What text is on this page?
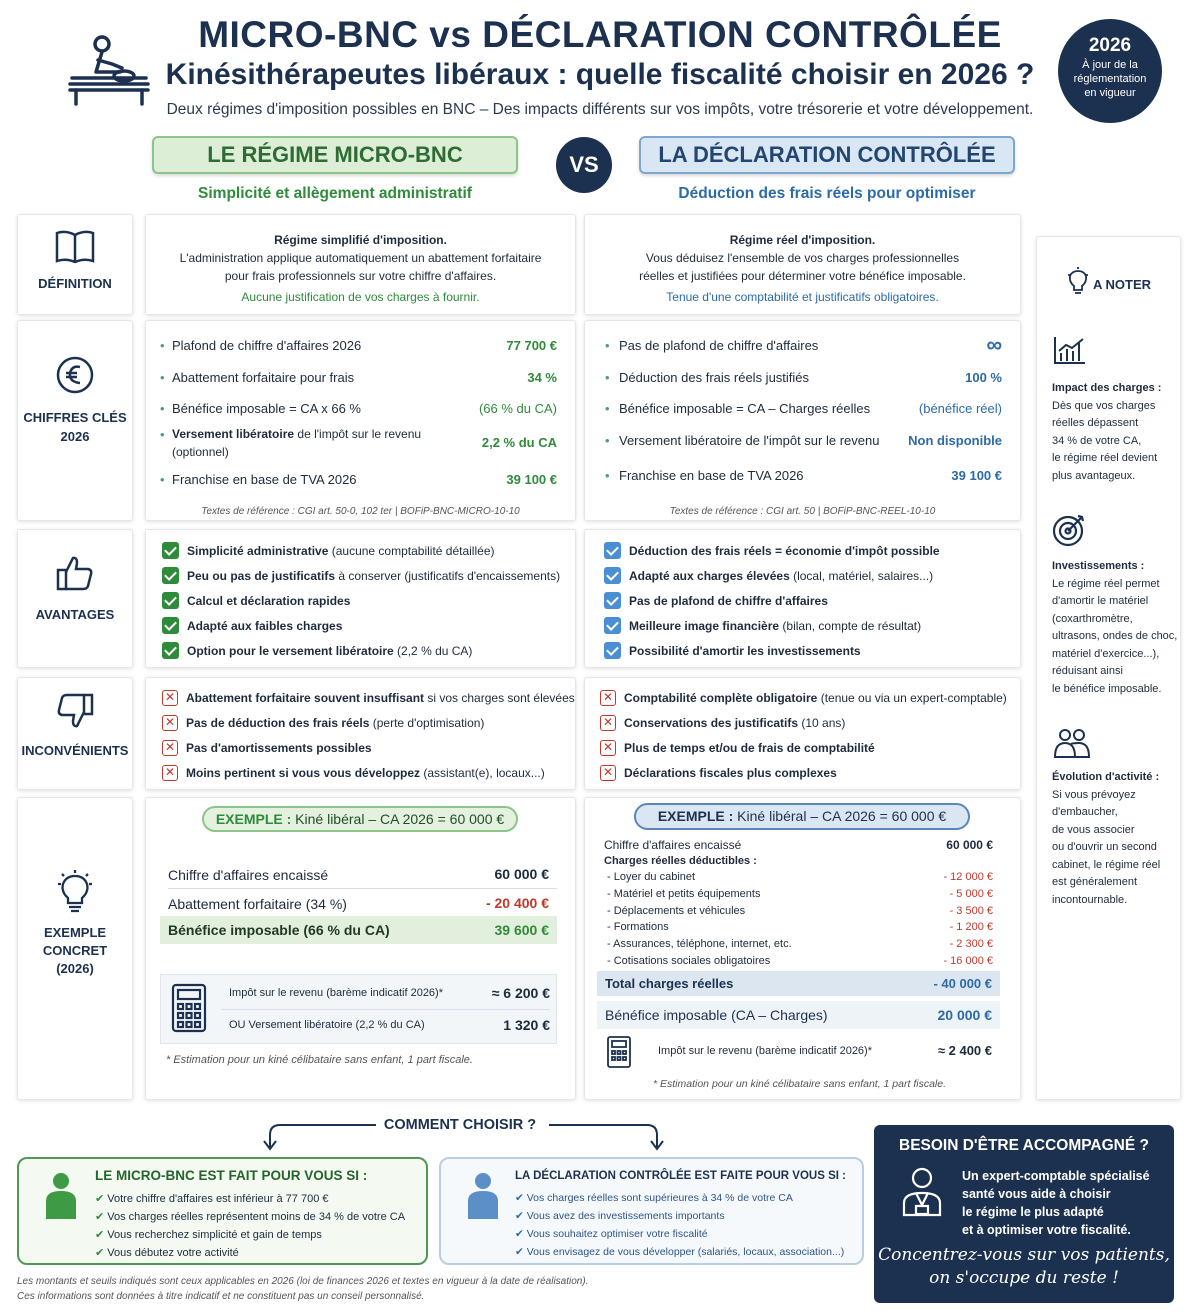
MICRO-BNC vs DÉCLARATION CONTRÔLÉE
Kinésithérapeutes libéraux : quelle fiscalité choisir en 2026 ?
Deux régimes d'imposition possibles en BNC – Des impacts différents sur vos impôts, votre trésorerie et votre développement.
2026
À jour de la
réglementation
en vigueur
LE RÉGIME MICRO-BNC
Simplicité et allègement administratif
VS	LA DÉCLARATION CONTRÔLÉE
Déduction des frais réels pour optimiser
DÉFINITION
CHIFFRES CLÉS
2026
AVANTAGES
INCONVÉNIENTS
EXEMPLE
CONCRET
(2026)
Régime simplifié d'imposition.
L'administration applique automatiquement un abattement forfaitaire
pour frais professionnels sur votre chiffre d'affaires.
Aucune justification de vos charges à fournir.
Régime réel d'imposition.
Vous déduisez l'ensemble de vos charges professionnelles
réelles et justifiées pour déterminer votre bénéfice imposable.
Tenue d'une comptabilité et justificatifs obligatoires.
• Plafond de chiffre d'affaires 2026	77 700 €
• Abattement forfaitaire pour frais	34 %
• Bénéfice imposable = CA x 66 %	(66 % du CA)
• Versement libératoire de l'impôt sur le revenu
(optionnel)
2,2 % du CA
• Franchise en base de TVA 2026	39 100 €
Textes de référence : CGI art. 50-0, 102 ter | BOFiP-BNC-MICRO-10-10
• Pas de plafond de chiffre d'affaires	∞
• Déduction des frais réels justifiés	100 %
• Bénéfice imposable = CA – Charges réelles	(bénéfice réel)
• Versement libératoire de l'impôt sur le revenu Non disponible
• Franchise en base de TVA 2026	39 100 €
Textes de référence : CGI art. 50 | BOFiP-BNC-REEL-10-10
Simplicité administrative (aucune comptabilité détaillée)
Peu ou pas de justificatifs à conserver (justificatifs d'encaissements)
Calcul et déclaration rapides
Adapté aux faibles charges
Option pour le versement libératoire (2,2 % du CA)
Déduction des frais réels = économie d'impôt possible
Adapté aux charges élevées (local, matériel, salaires...)
Pas de plafond de chiffre d'affaires
Meilleure image financière (bilan, compte de résultat)
Possibilité d'amortir les investissements
✕ Abattement forfaitaire souvent insuffisant si vos charges sont élevées
✕ Pas de déduction des frais réels (perte d'optimisation)
✕ Pas d'amortissements possibles
✕ Moins pertinent si vous vous développez (assistant(e), locaux...)
✕ Comptabilité complète obligatoire (tenue ou via un expert-comptable)
✕ Conservations des justificatifs (10 ans)
✕ Plus de temps et/ou de frais de comptabilité
✕ Déclarations fiscales plus complexes
EXEMPLE : Kiné libéral – CA 2026 = 60 000 €
Chiffre d'affaires encaissé	60 000 €
Abattement forfaitaire (34 %)	- 20 400 €
Bénéfice imposable (66 % du CA)	39 600 €
Impôt sur le revenu (barème indicatif 2026)*	≈ 6 200 €
OU Versement libératoire (2,2 % du CA)	1 320 €
* Estimation pour un kiné célibataire sans enfant, 1 part fiscale.
EXEMPLE : Kiné libéral – CA 2026 = 60 000 €
Chiffre d'affaires encaissé	60 000 €
Charges réelles déductibles :
- Loyer du cabinet	- 12 000 €
- Matériel et petits équipements	- 5 000 €
- Déplacements et véhicules	- 3 500 €
- Formations	- 1 200 €
- Assurances, téléphone, internet, etc.	- 2 300 €
- Cotisations sociales obligatoires	- 16 000 €
Total charges réelles	- 40 000 €
Bénéfice imposable (CA – Charges)	20 000 €
Impôt sur le revenu (barème indicatif 2026)*	≈ 2 400 €
* Estimation pour un kiné célibataire sans enfant, 1 part fiscale.
A NOTER
Impact des charges :
Dès que vos charges
réelles dépassent
34 % de votre CA,
le régime réel devient
plus avantageux.
Investissements :
Le régime réel permet
d'amortir le matériel
(coxarthromètre,
ultrasons, ondes de choc,
matériel d'exercice...),
réduisant ainsi
le bénéfice imposable.
Évolution d'activité :
Si vous prévoyez
d'embaucher,
de vous associer
ou d'ouvrir un second
cabinet, le régime réel
est généralement
incontournable.
COMMENT CHOISIR ?
LE MICRO-BNC EST FAIT POUR VOUS SI :
✔ Votre chiffre d'affaires est inférieur à 77 700 €
✔ Vos charges réelles représentent moins de 34 % de votre CA
✔ Vous recherchez simplicité et gain de temps
✔ Vous débutez votre activité
LA DÉCLARATION CONTRÔLÉE EST FAITE POUR VOUS SI :
✔ Vos charges réelles sont supérieures à 34 % de votre CA
✔ Vous avez des investissements importants
✔ Vous souhaitez optimiser votre fiscalité
✔ Vous envisagez de vous développer (salariés, locaux, association...)
BESOIN D'ÊTRE ACCOMPAGNÉ ?
Un expert-comptable spécialisé
santé vous aide à choisir
le régime le plus adapté
et à optimiser votre fiscalité.
Concentrez-vous sur vos patients,
on s'occupe du reste !
Les montants et seuils indiqués sont ceux applicables en 2026 (loi de finances 2026 et textes en vigueur à la date de réalisation).
Ces informations sont données à titre indicatif et ne constituent pas un conseil personnalisé.
